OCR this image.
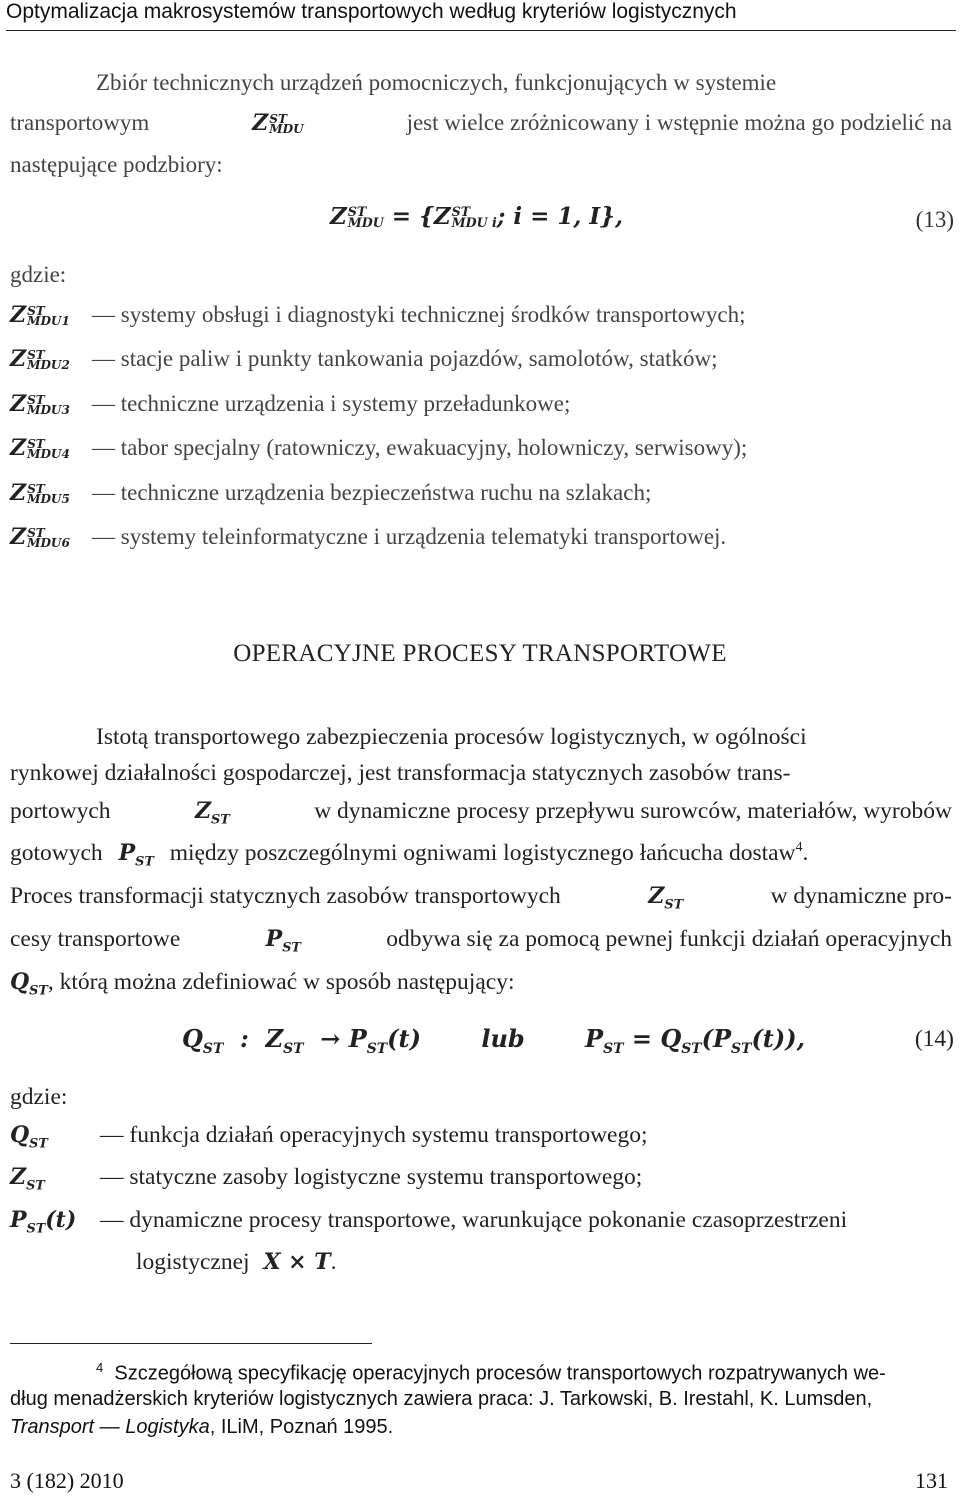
Optymalizacja makrosystemów transportowych według kryteriów logistycznych
Zbiór technicznych urządzeń pomocniczych, funkcjonujących w systemie
transportowym	Z ST
MDU	jest wielce zróżnicowany i wstępnie można go podzielić na
następujące podzbiory:
Z ST
MDU = {Z ST
MDU i ; i = 1, I},	(13)
gdzie:
Z ST
MDU1 — systemy obsługi i diagnostyki technicznej środków transportowych;
Z ST
MDU2 — stacje paliw i punkty tankowania pojazdów, samolotów, statków;
Z ST
MDU3 — techniczne urządzenia i systemy przeładunkowe;
Z ST
MDU4 — tabor specjalny (ratowniczy, ewakuacyjny, holowniczy, serwisowy);
Z ST
MDU5 — techniczne urządzenia bezpieczeństwa ruchu na szlakach;
Z ST
MDU6 — systemy teleinformatyczne i urządzenia telematyki transportowej.
OPERACYJNE PROCESY TRANSPORTOWE
Istotą transportowego zabezpieczenia procesów logistycznych, w ogólności
rynkowej działalności gospodarczej, jest transformacja statycznych zasobów trans-
portowych	$Z_{ST}$	w dynamiczne procesy przepływu surowców, materiałów, wyrobów
gotowych $P_{ST}$ między poszczególnymi ogniwami logistycznego łańcucha dostaw$^4$.
Proces transformacji statycznych zasobów transportowych	$Z_{ST}$	w dynamiczne pro-
cesy transportowe	$P_{ST}$	odbywa się za pomocą pewnej funkcji działań operacyjnych
$Q_{ST}$, którą można zdefiniować w sposób następujący:
$Q_{ST}$  :  $Z_{ST} \to P_{ST}(t)$ lub $P_{ST} = Q_{ST}(P_{ST}(t))$,	(14)
gdzie:
$Q_{ST}$ — funkcja działań operacyjnych systemu transportowego;
$Z_{ST}$ — statyczne zasoby logistyczne systemu transportowego;
$P_{ST}(t)$ — dynamiczne procesy transportowe, warunkujące pokonanie czasoprzestrzeni
logistycznej X × T.
$^4$ Szczegółową specyfikację operacyjnych procesów transportowych rozpatrywanych we-
dług menadżerskich kryteriów logistycznych zawiera praca: J. Tarkowski, B. Irestahl, K. Lumsden,
Transport — Logistyka, ILiM, Poznań 1995.
3 (182) 2010	131
